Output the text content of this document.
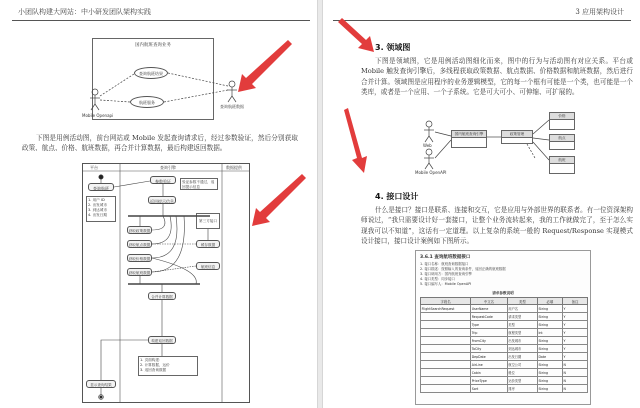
小团队构建大网站：中小研发团队架构实践
国内航班查询业务
查询航班结果
航班服务
Mobile Openapi
查询航班数据
下图是用例活动图，前台网站或 Mobile 发起查询请求后，经过参数验证，然后分别获取政策、航点、价格、航班数据，再合并计算数据，最后构建返回数据。
平台	查询引擎	数据提供
查询航班
1. 用户 ID
2. 出发城市
3. 到达城市
4. 出发日期
参数验证	验证参数不通过，返回提示信息
返回提示信息
获取政策数据
获取航点数据
获取价格数据
获取航班数据
第三方接口
缓存数据
航班信息
合并计算数据
构建返回数据
1. 页面构建：
2. 计算数据，运价
3. 返回查询数据
显示查询结果
3 应用架构设计
3. 领域图
下图是领域图，它是用例活动图细化而来，图中的行为与活动图有对应关系。平台或 Mobile 触发查询引擎后，多线程获取政策数据、航点数据、价格数据和航班数据，然后进行合并计算。领域图是应用程序的业务逻辑模型，它的每一个框有可能是一个类，也可能是一个类库，或者是一个应用、一个子系统。它是可大可小、可伸缩、可扩展的。
Web
Mobile OpenAPI
国内航班查询引擎	政策管理
价格
航点
航班
4. 接口设计
什么是接口？接口是联系、连接和交互，它是应用与外部世界的联系者。有一位资深架构师说过，“我只需要设计好一套接口，让整个业务流转起来，我的工作就做完了，至于怎么实现我可以不知道”，这话有一定道理。以上复杂的系统一般的 Request/Response 实现模式设计接口，接口设计案例如下图所示。
3.6.1 查询航班数据接口
1. 接口名称：航班查询数据接口
2. 接口描述：按照输入的查询条件，返回正确的航班数据
3. 接口调用方：国内航班查询引擎
4. 接口类型：同步接口
5. 接口编写人：Mobile OpenAPI
请求参数说明
字段名	中文名	类型	必填	备注
FlightSearchRequest	UserName	用户名	String	Y
	RequestCode	请求类型	String	Y
	Type	类型	String	Y
	Trip	航程类型	Int	Y
	FromCity	出发城市	String	Y
	ToCity	到达城市	String	Y
	DepDate	出发日期	Date	Y
	AirLine	航空公司	String	N
	Cabin	舱位	String	N
	PriceType	运价类型	String	N
	Sort	排序	String	N
